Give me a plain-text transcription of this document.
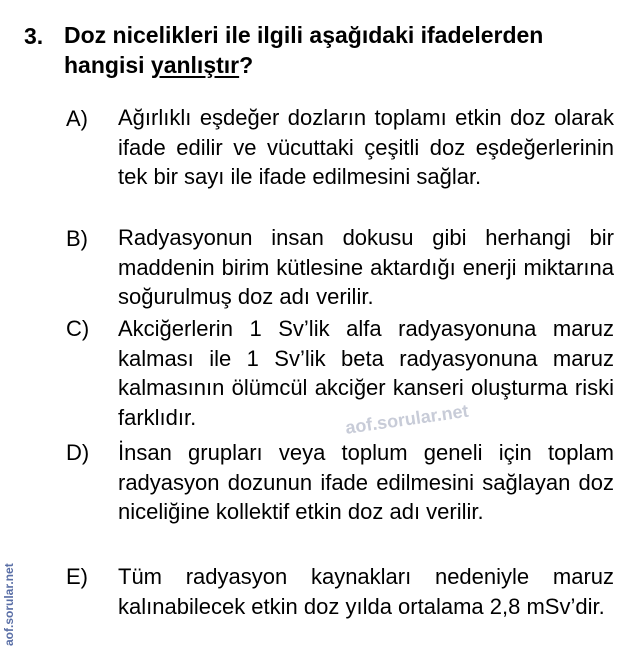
3. Doz nicelikleri ile ilgili aşağıdaki ifadelerden hangisi yanlıştır?
A) Ağırlıklı eşdeğer dozların toplamı etkin doz olarak ifade edilir ve vücuttaki çeşitli doz eşdeğerlerinin tek bir sayı ile ifade edilmesini sağlar.
B) Radyasyonun insan dokusu gibi herhangi bir maddenin birim kütlesine aktardığı enerji miktarına soğurulmuş doz adı verilir.
C) Akciğerlerin 1 Sv’lik alfa radyasyonuna maruz kalması ile 1 Sv’lik beta radyasyonuna maruz kalmasının ölümcül akciğer kanseri oluşturma riski farklıdır.
D) İnsan grupları veya toplum geneli için toplam radyasyon dozunun ifade edilmesini sağlayan doz niceliğine kollektif etkin doz adı verilir.
E) Tüm radyasyon kaynakları nedeniyle maruz kalınabilecek etkin doz yılda ortalama 2,8 mSv’dir.
aof.sorular.net
aof.sorular.net
